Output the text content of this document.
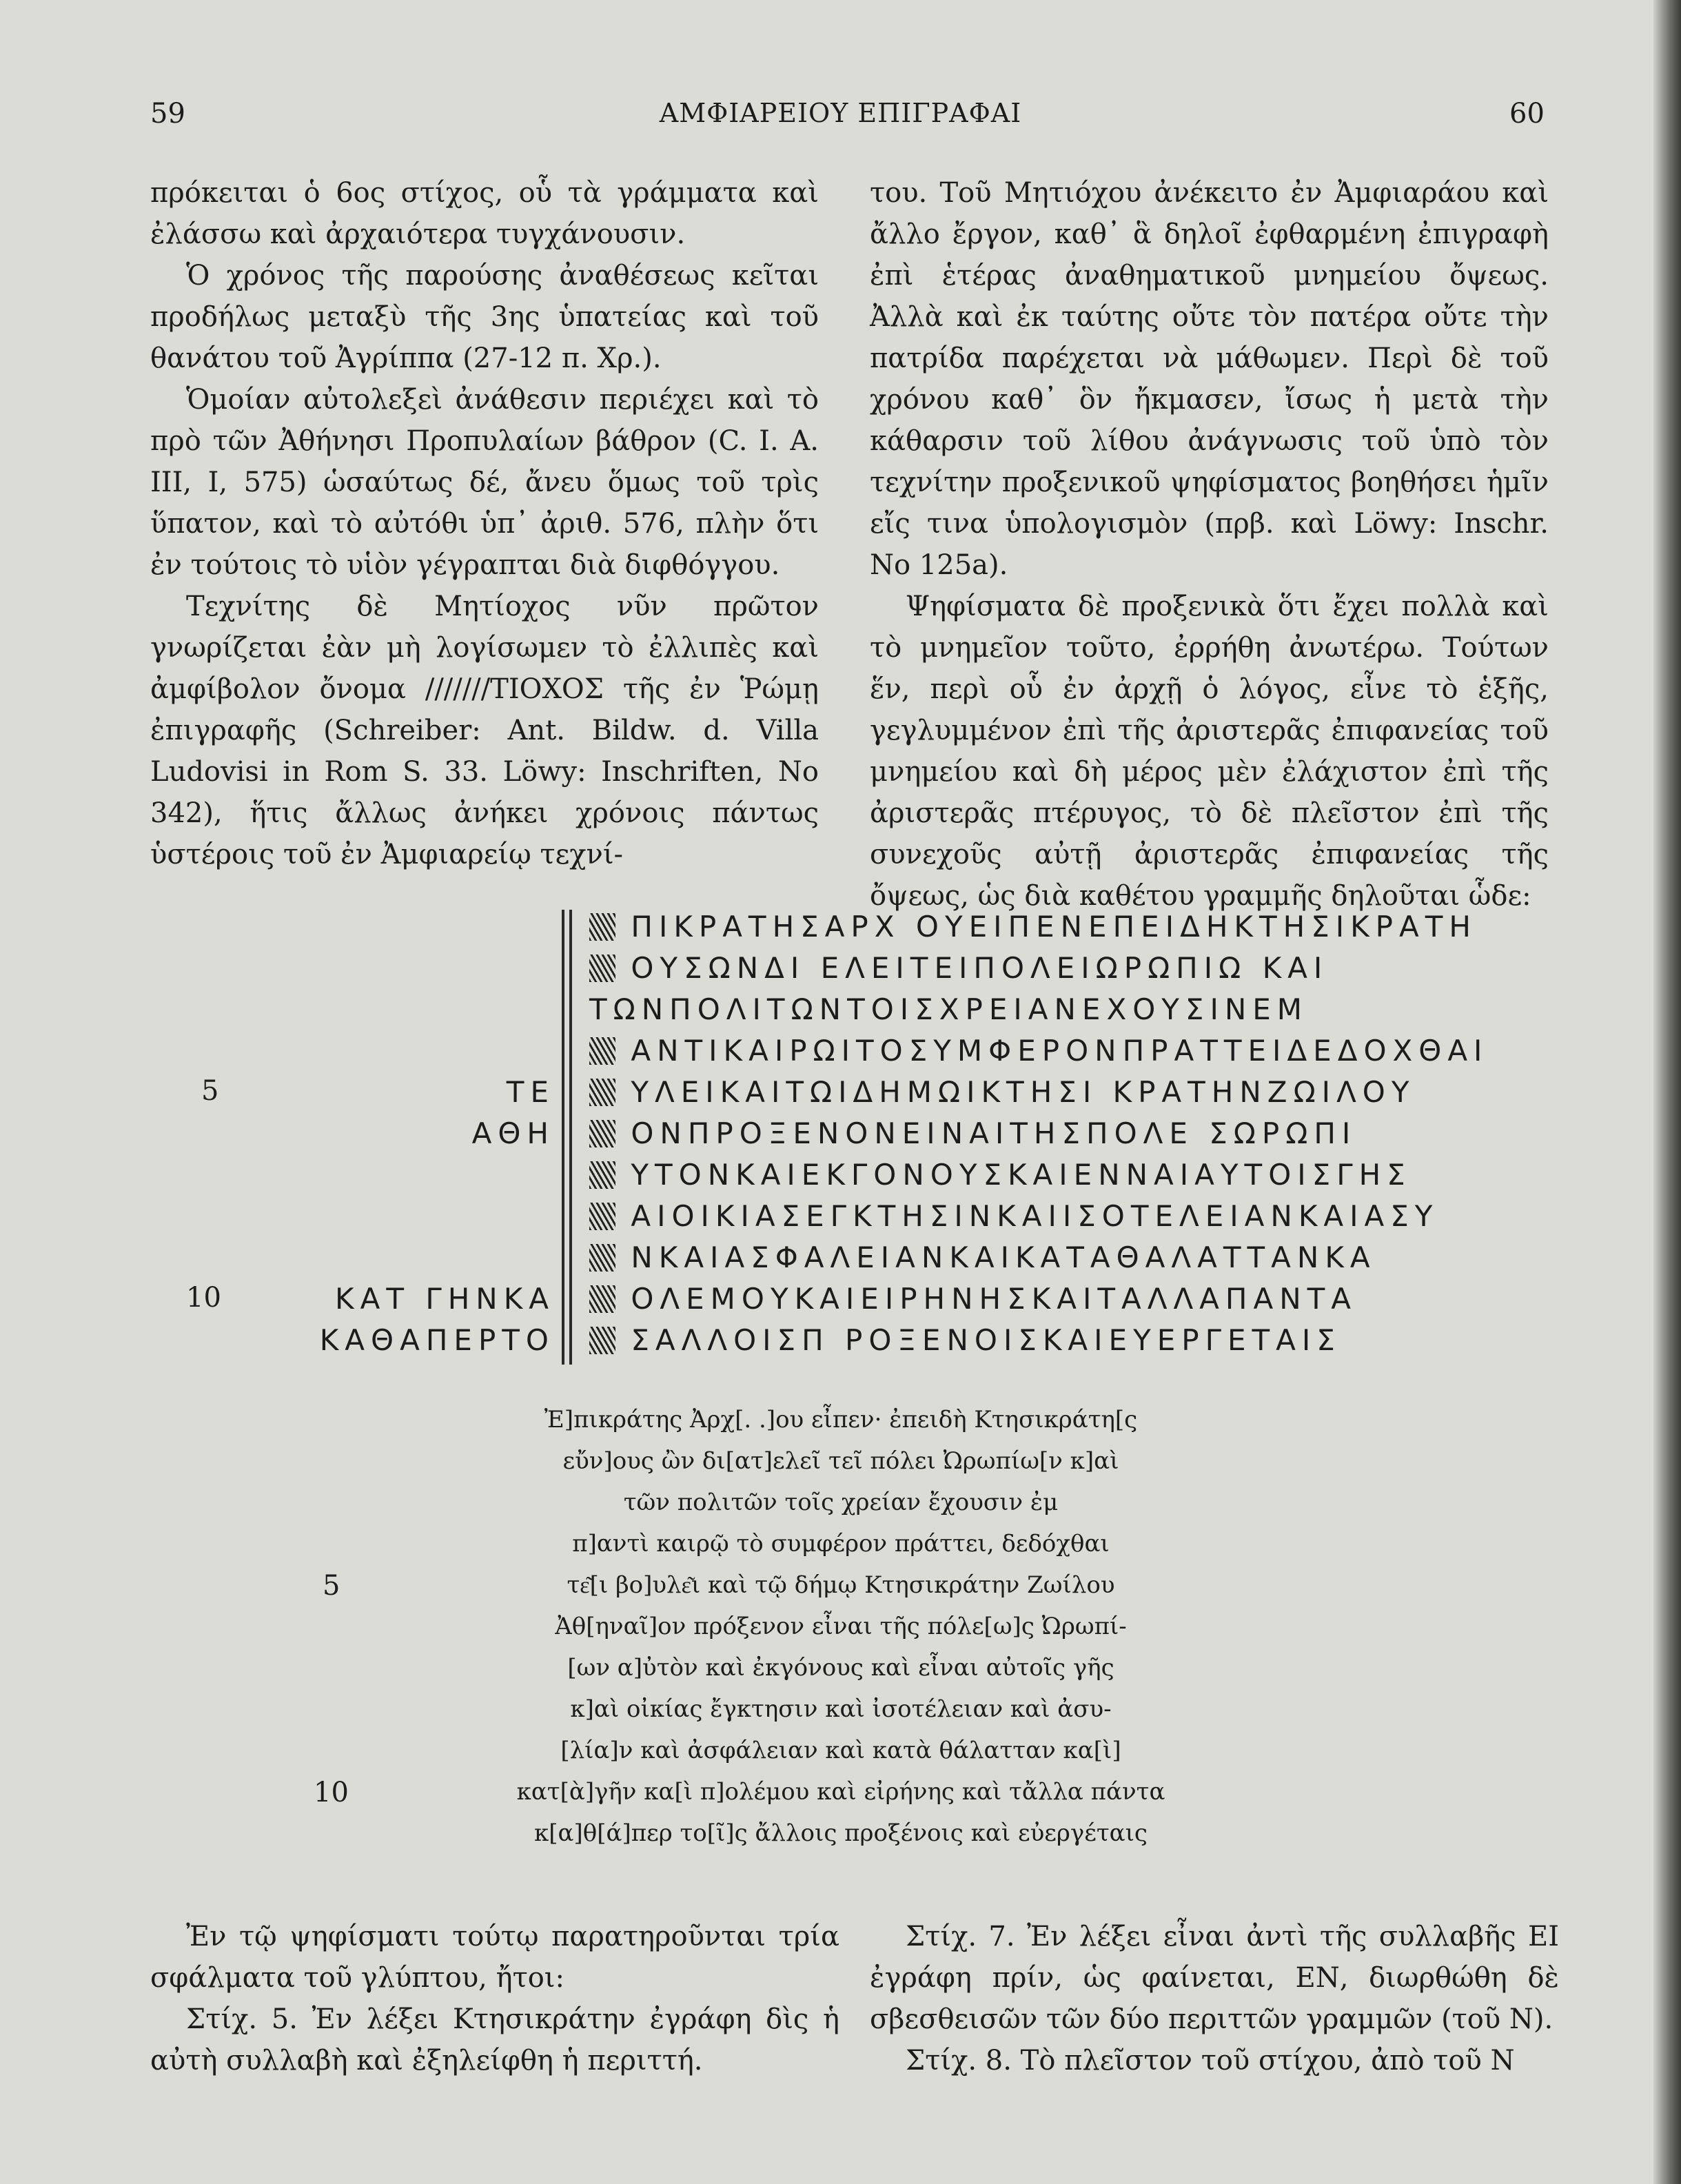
59	ΑΜΦΙΑΡΕΙΟΥ ΕΠΙΓΡΑΦΑΙ	60

πρόκειται ὁ 6ος στίχος, οὗ τὰ γράμματα καὶ ἐλάσσω καὶ ἀρχαιότερα τυγχάνουσιν.

Ὁ χρόνος τῆς παρούσης ἀναθέσεως κεῖται προδήλως μεταξὺ τῆς 3ης ὑπατείας καὶ τοῦ θανάτου τοῦ Ἀγρίππα (27-12 π. Χρ.).

Ὁμοίαν αὐτολεξεὶ ἀνάθεσιν περιέχει καὶ τὸ πρὸ τῶν Ἀθήνησι Προπυλαίων βάθρον (C. I. A. III, I, 575) ὡσαύτως δέ, ἄνευ ὅμως τοῦ τρὶς ὕπατον, καὶ τὸ αὐτόθι ὑπ᾽ ἀριθ. 576, πλὴν ὅτι ἐν τούτοις τὸ υἱὸν γέγραπται διὰ διφθόγγου.

Τεχνίτης δὲ Μητίοχος νῦν πρῶτον γνωρίζεται ἐὰν μὴ λογίσωμεν τὸ ἐλλιπὲς καὶ ἀμφίβολον ὄνομα ///////ΤΙΟΧΟΣ τῆς ἐν Ῥώμῃ ἐπιγραφῆς (Schreiber: Ant. Bildw. d. Villa Ludovisi in Rom S. 33. Löwy: Inschriften, Nο 342), ἥτις ἄλλως ἀνήκει χρόνοις πάντως ὑστέροις τοῦ ἐν Ἀμφιαρείῳ τεχνί-

του. Τοῦ Μητιόχου ἀνέκειτο ἐν Ἀμφιαράου καὶ ἄλλο ἔργον, καθ᾽ ἃ δηλοῖ ἐφθαρμένη ἐπιγραφὴ ἐπὶ ἑτέρας ἀναθηματικοῦ μνημείου ὄψεως. Ἀλλὰ καὶ ἐκ ταύτης οὔτε τὸν πατέρα οὔτε τὴν πατρίδα παρέχεται νὰ μάθωμεν. Περὶ δὲ τοῦ χρόνου καθ᾽ ὃν ἤκμασεν, ἴσως ἡ μετὰ τὴν κάθαρσιν τοῦ λίθου ἀνάγνωσις τοῦ ὑπὸ τὸν τεχνίτην προξενικοῦ ψηφίσματος βοηθήσει ἡμῖν εἴς τινα ὑπολογισμὸν (πρβ. καὶ Löwy: Inschr. Nο 125a).

Ψηφίσματα δὲ προξενικὰ ὅτι ἔχει πολλὰ καὶ τὸ μνημεῖον τοῦτο, ἐρρήθη ἀνωτέρω. Τούτων ἕν, περὶ οὗ ἐν ἀρχῇ ὁ λόγος, εἶνε τὸ ἑξῆς, γεγλυμμένον ἐπὶ τῆς ἀριστερᾶς ἐπιφανείας τοῦ μνημείου καὶ δὴ μέρος μὲν ἐλάχιστον ἐπὶ τῆς ἀριστερᾶς πτέρυγος, τὸ δὲ πλεῖστον ἐπὶ τῆς συνεχοῦς αὐτῇ ἀριστερᾶς ἐπιφανείας τῆς ὄψεως, ὡς διὰ καθέτου γραμμῆς δηλοῦται ὧδε:

ΠΙΚΡΑΤΗΣΑΡΧ ΟΥΕΙΠΕΝΕΠΕΙΔΗΚΤΗΣΙΚΡΑΤΗ
ΟΥΣΩΝΔΙ ΕΛΕΙΤΕΙΠΟΛΕΙΩΡΩΠΙΩ ΚΑΙ
ΤΩΝΠΟΛΙΤΩΝΤΟΙΣΧΡΕΙΑΝΕΧΟΥΣΙΝΕΜ
ΑΝΤΙΚΑΙΡΩΙΤΟΣΥΜΦΕΡΟΝΠΡΑΤΤΕΙΔΕΔΟΧΘΑΙ
ΥΛΕΙΚΑΙΤΩΙΔΗΜΩΙΚΤΗΣΙ ΚΡΑΤΗΝΖΩΙΛΟΥ
ΟΝΠΡΟΞΕΝΟΝΕΙΝΑΙΤΗΣΠΟΛΕ ΣΩΡΩΠΙ
ΥΤΟΝΚΑΙΕΚΓΟΝΟΥΣΚΑΙΕΝΝΑΙΑΥΤΟΙΣΓΗΣ
ΑΙΟΙΚΙΑΣΕΓΚΤΗΣΙΝΚΑΙΙΣΟΤΕΛΕΙΑΝΚΑΙΑΣΥ
ΝΚΑΙΑΣΦΑΛΕΙΑΝΚΑΙΚΑΤΑΘΑΛΑΤΤΑΝΚΑ
ΟΛΕΜΟΥΚΑΙΕΙΡΗΝΗΣΚΑΙΤΑΛΛΑΠΑΝΤΑ
ΣΑΛΛΟΙΣΠ ΡΟΞΕΝΟΙΣΚΑΙΕΥΕΡΓΕΤΑΙΣ
ΤΕ
ΑΘΗ
ΚΑΤ ΓΗΝΚΑ
ΚΑΘΑΠΕΡΤΟ
5
10
Ἐ]πικράτης Ἀρχ[. .]ου εἶπεν· ἐπειδὴ Κτησικράτη[ς
εὔν]ους ὢν δι[ατ]ελεῖ τεῖ πόλει Ὠρωπίω[ν κ]αὶ
τῶν πολιτῶν τοῖς χρείαν ἔχουσιν ἐμ
π]αντὶ καιρῷ τὸ συμφέρον πράττει, δεδόχθαι
τε͂[ι βο]υλε͂ι καὶ τῷ δήμῳ Κτησικράτην Ζωίλου
Ἀθ[ηναῖ]ον πρόξενον εἶναι τῆς πόλε[ω]ς Ὠρωπί-
[ων α]ὐτὸν καὶ ἐκγόνους καὶ εἶναι αὐτοῖς γῆς
κ]αὶ οἰκίας ἔγκτησιν καὶ ἰσοτέλειαν καὶ ἀσυ-
[λία]ν καὶ ἀσφάλειαν καὶ κατὰ θάλατταν κα[ὶ]
κατ[ὰ]γῆν κα[ὶ π]ολέμου καὶ εἰρήνης καὶ τἄλλα πάντα
κ[α]θ[ά]περ το[ῖ]ς ἄλλοις προξένοις καὶ εὐεργέταις
5
10

Ἐν τῷ ψηφίσματι τούτῳ παρατηροῦνται τρία σφάλματα τοῦ γλύπτου, ἤτοι:

Στίχ. 5. Ἐν λέξει Κτησικράτην ἐγράφη δὶς ἡ αὐτὴ συλλαβὴ καὶ ἐξηλείφθη ἡ περιττή.

Στίχ. 7. Ἐν λέξει εἶναι ἀντὶ τῆς συλλαβῆς ΕΙ ἐγράφη πρίν, ὡς φαίνεται, ΕΝ, διωρθώθη δὲ σβεσθεισῶν τῶν δύο περιττῶν γραμμῶν (τοῦ Ν).

Στίχ. 8. Τὸ πλεῖστον τοῦ στίχου, ἀπὸ τοῦ Ν
